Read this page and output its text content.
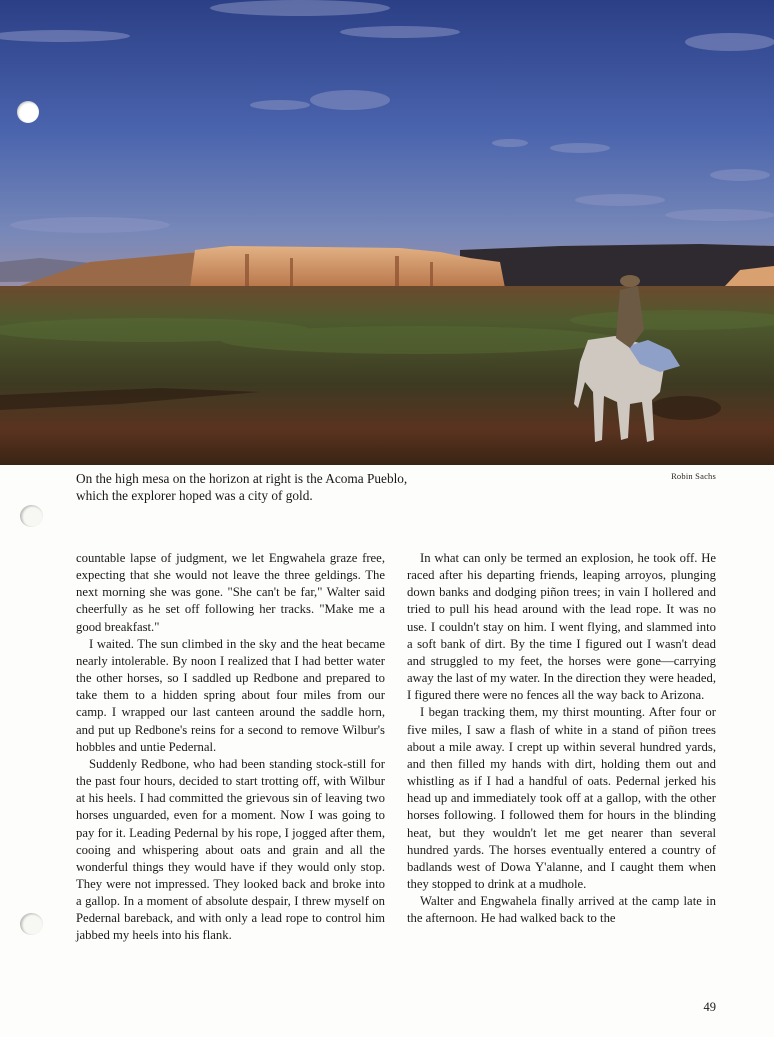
On the high mesa on the horizon at right is the Acoma Pueblo, which the explorer hoped was a city of gold.
Robin Sachs

countable lapse of judgment, we let Engwahela graze free, expecting that she would not leave the three geldings. The next morning she was gone. "She can't be far," Walter said cheerfully as he set off following her tracks. "Make me a good breakfast."

I waited. The sun climbed in the sky and the heat became nearly intolerable. By noon I realized that I had better water the other horses, so I saddled up Redbone and prepared to take them to a hidden spring about four miles from our camp. I wrapped our last canteen around the saddle horn, and put up Redbone's reins for a second to remove Wilbur's hobbles and untie Pedernal.

Suddenly Redbone, who had been standing stock-still for the past four hours, decided to start trotting off, with Wilbur at his heels. I had committed the grievous sin of leaving two horses unguarded, even for a moment. Now I was going to pay for it. Leading Pedernal by his rope, I jogged after them, cooing and whispering about oats and grain and all the wonderful things they would have if they would only stop. They were not impressed. They looked back and broke into a gallop. In a moment of absolute despair, I threw myself on Pedernal bareback, and with only a lead rope to control him jabbed my heels into his flank.

In what can only be termed an explosion, he took off. He raced after his departing friends, leaping arroyos, plunging down banks and dodging piñon trees; in vain I hollered and tried to pull his head around with the lead rope. It was no use. I couldn't stay on him. I went flying, and slammed into a soft bank of dirt. By the time I figured out I wasn't dead and struggled to my feet, the horses were gone—carrying away the last of my water. In the direction they were headed, I figured there were no fences all the way back to Arizona.

I began tracking them, my thirst mounting. After four or five miles, I saw a flash of white in a stand of piñon trees about a mile away. I crept up within several hundred yards, and then filled my hands with dirt, holding them out and whistling as if I had a handful of oats. Pedernal jerked his head up and immediately took off at a gallop, with the other horses following. I followed them for hours in the blinding heat, but they wouldn't let me get nearer than several hundred yards. The horses eventually entered a country of badlands west of Dowa Y'alanne, and I caught them when they stopped to drink at a mudhole.

Walter and Engwahela finally arrived at the camp late in the afternoon. He had walked back to the

49
